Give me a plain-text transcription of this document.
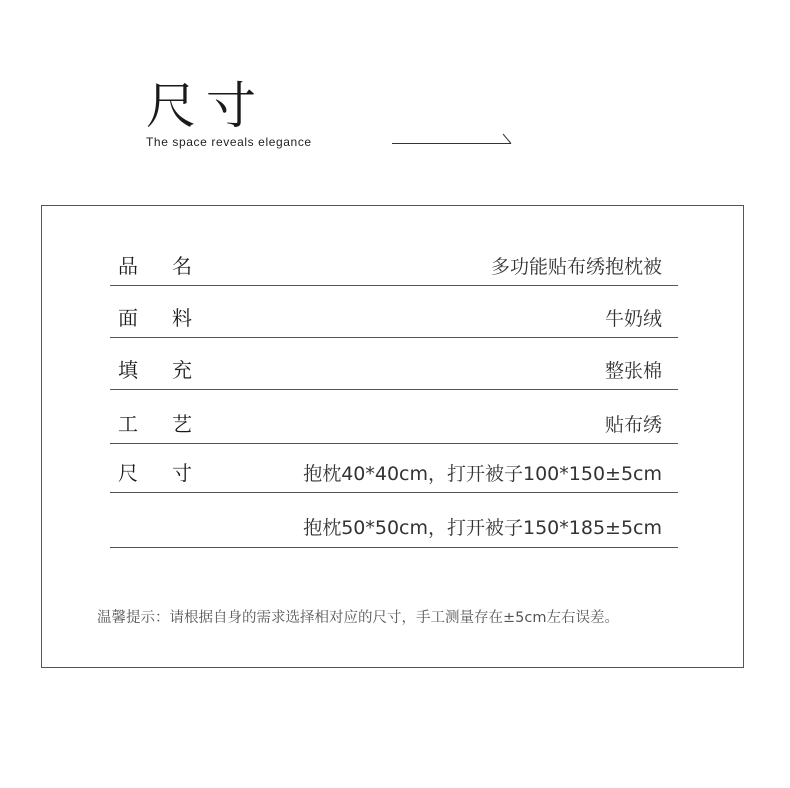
尺寸
The space reveals elegance
品名	多功能贴布绣抱枕被
面料	牛奶绒
填充	整张棉
工艺	贴布绣
尺寸	抱枕40*40cm，打开被子100*150±5cm
抱枕50*50cm，打开被子150*185±5cm
温馨提示：请根据自身的需求选择相对应的尺寸，手工测量存在±5cm左右误差。
